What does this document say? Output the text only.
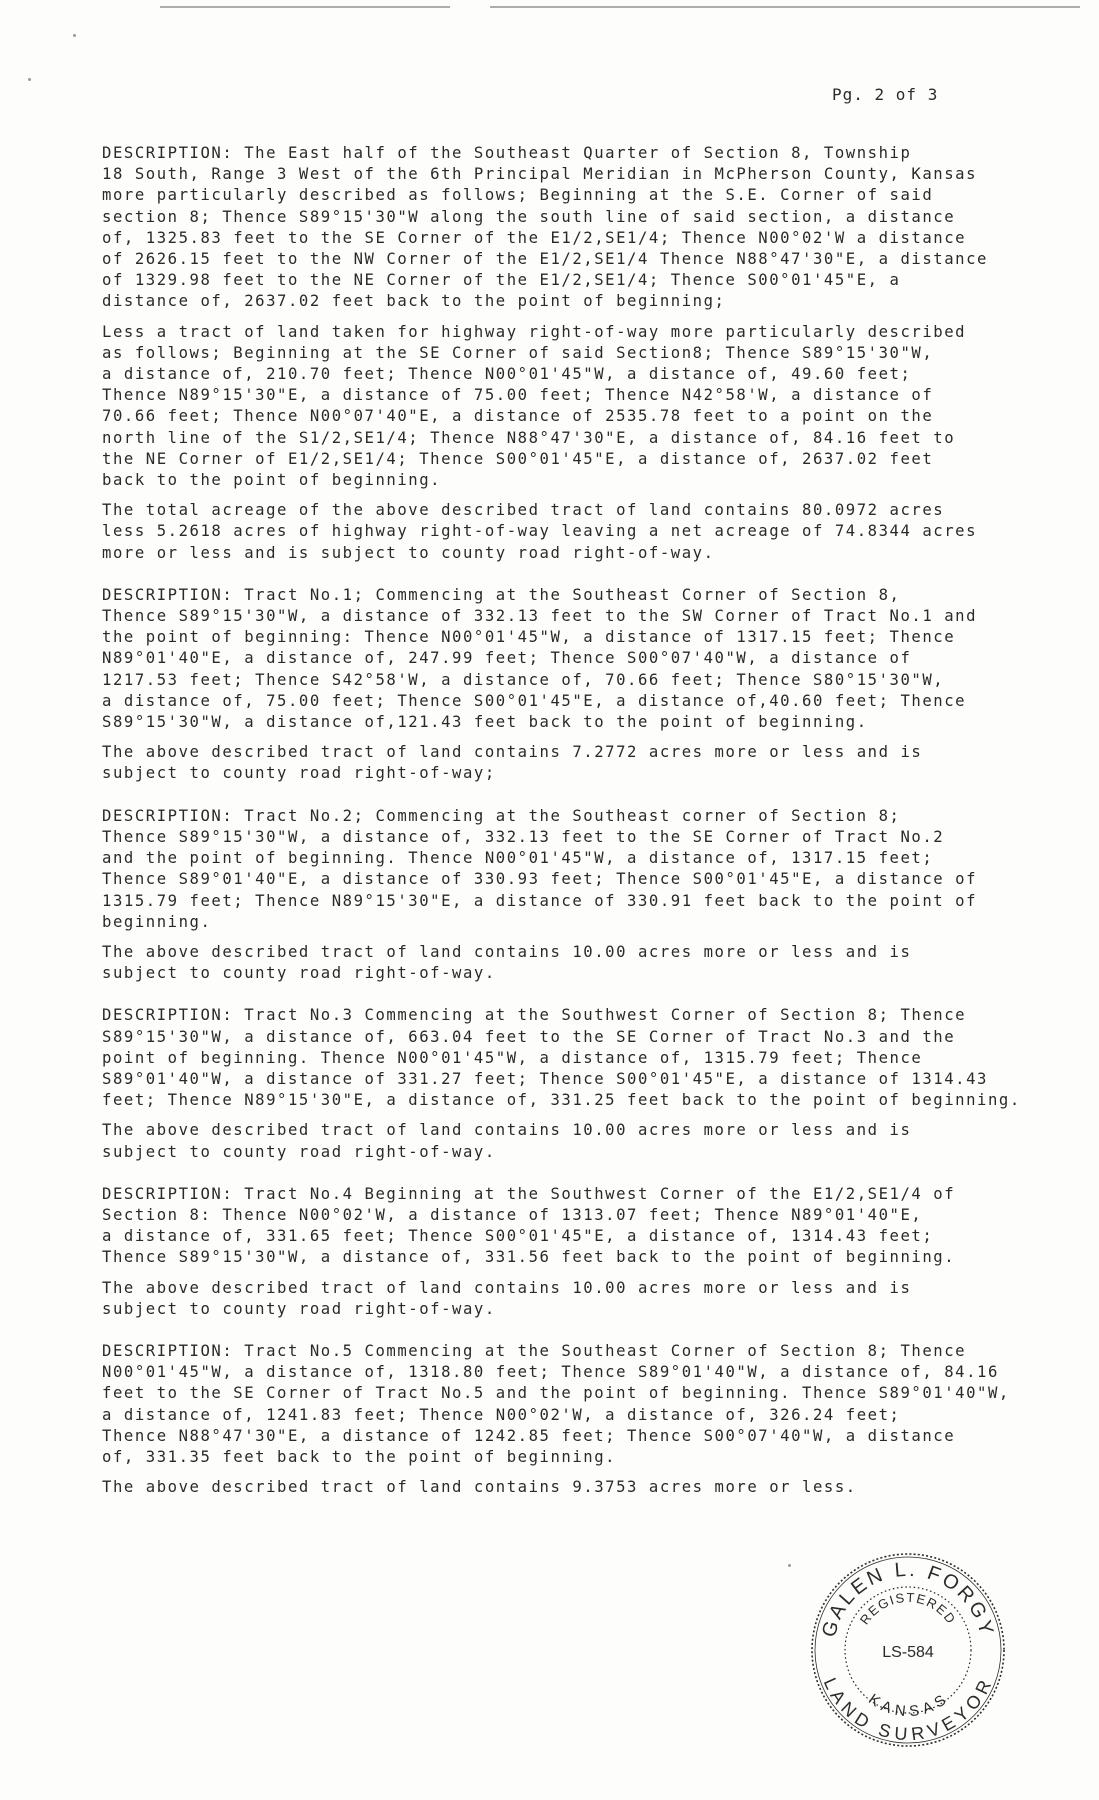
Pg. 2 of 3

DESCRIPTION: The East half of the Southeast Quarter of Section 8, Township

18 South, Range 3 West of the 6th Principal Meridian in McPherson County, Kansas

more particularly described as follows; Beginning at the S.E. Corner of said

section 8; Thence S89°15'30"W along the south line of said section, a distance

of, 1325.83 feet to the SE Corner of the E1/2,SE1/4; Thence N00°02'W a distance

of 2626.15 feet to the NW Corner of the E1/2,SE1/4 Thence N88°47'30"E, a distance

of 1329.98 feet to the NE Corner of the E1/2,SE1/4; Thence S00°01'45"E, a

distance of, 2637.02 feet back to the point of beginning;

Less a tract of land taken for highway right-of-way more particularly described

as follows; Beginning at the SE Corner of said Section8; Thence S89°15'30"W,

a distance of, 210.70 feet; Thence N00°01'45"W, a distance of, 49.60 feet;

Thence N89°15'30"E, a distance of 75.00 feet; Thence N42°58'W, a distance of

70.66 feet; Thence N00°07'40"E, a distance of 2535.78 feet to a point on the

north line of the S1/2,SE1/4; Thence N88°47'30"E, a distance of, 84.16 feet to

the NE Corner of E1/2,SE1/4; Thence S00°01'45"E, a distance of, 2637.02 feet

back to the point of beginning.

The total acreage of the above described tract of land contains 80.0972 acres

less 5.2618 acres of highway right-of-way leaving a net acreage of 74.8344 acres

more or less and is subject to county road right-of-way.

DESCRIPTION: Tract No.1; Commencing at the Southeast Corner of Section 8,

Thence S89°15'30"W, a distance of 332.13 feet to the SW Corner of Tract No.1 and

the point of beginning: Thence N00°01'45"W, a distance of 1317.15 feet; Thence

N89°01'40"E, a distance of, 247.99 feet; Thence S00°07'40"W, a distance of

1217.53 feet; Thence S42°58'W, a distance of, 70.66 feet; Thence S80°15'30"W,

a distance of, 75.00 feet; Thence S00°01'45"E, a distance of,40.60 feet; Thence

S89°15'30"W, a distance of,121.43 feet back to the point of beginning.

The above described tract of land contains 7.2772 acres more or less and is

subject to county road right-of-way;

DESCRIPTION: Tract No.2; Commencing at the Southeast corner of Section 8;

Thence S89°15'30"W, a distance of, 332.13 feet to the SE Corner of Tract No.2

and the point of beginning. Thence N00°01'45"W, a distance of, 1317.15 feet;

Thence S89°01'40"E, a distance of 330.93 feet; Thence S00°01'45"E, a distance of

1315.79 feet; Thence N89°15'30"E, a distance of 330.91 feet back to the point of

beginning.

The above described tract of land contains 10.00 acres more or less and is

subject to county road right-of-way.

DESCRIPTION: Tract No.3 Commencing at the Southwest Corner of Section 8; Thence

S89°15'30"W, a distance of, 663.04 feet to the SE Corner of Tract No.3 and the

point of beginning. Thence N00°01'45"W, a distance of, 1315.79 feet; Thence

S89°01'40"W, a distance of 331.27 feet; Thence S00°01'45"E, a distance of 1314.43

feet; Thence N89°15'30"E, a distance of, 331.25 feet back to the point of beginning.

The above described tract of land contains 10.00 acres more or less and is

subject to county road right-of-way.

DESCRIPTION: Tract No.4 Beginning at the Southwest Corner of the E1/2,SE1/4 of

Section 8: Thence N00°02'W, a distance of 1313.07 feet; Thence N89°01'40"E,

a distance of, 331.65 feet; Thence S00°01'45"E, a distance of, 1314.43 feet;

Thence S89°15'30"W, a distance of, 331.56 feet back to the point of beginning.

The above described tract of land contains 10.00 acres more or less and is

subject to county road right-of-way.

DESCRIPTION: Tract No.5 Commencing at the Southeast Corner of Section 8; Thence

N00°01'45"W, a distance of, 1318.80 feet; Thence S89°01'40"W, a distance of, 84.16

feet to the SE Corner of Tract No.5 and the point of beginning. Thence S89°01'40"W,

a distance of, 1241.83 feet; Thence N00°02'W, a distance of, 326.24 feet;

Thence N88°47'30"E, a distance of 1242.85 feet; Thence S00°07'40"W, a distance

of, 331.35 feet back to the point of beginning.

The above described tract of land contains 9.3753 acres more or less.

GALEN L. FORGY
REGISTERED
LS-584
KANSAS
LAND SURVEYOR
